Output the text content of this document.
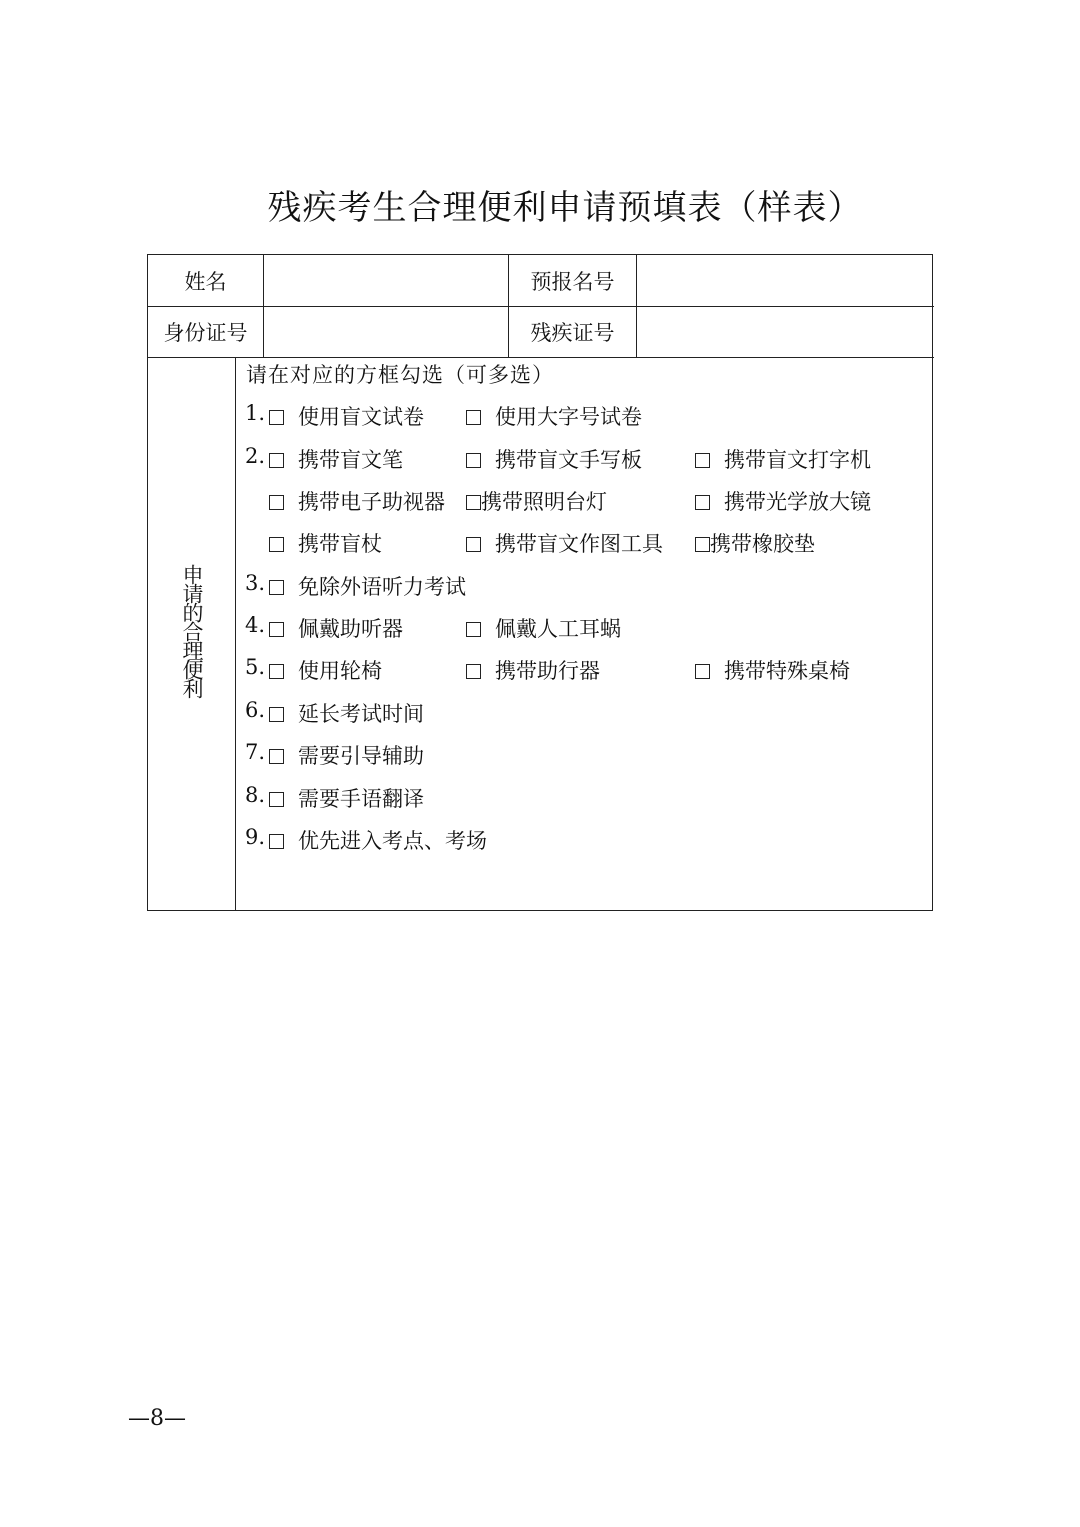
残疾考生合理便利申请预填表（样表）
姓名	预报名号
身份证号	残疾证号
申请的合理便利
请在对应的方框勾选（可多选）
1.	使用盲文试卷	使用大字号试卷
2.	携带盲文笔	携带盲文手写板	携带盲文打字机
携带电子助视器	携带照明台灯	携带光学放大镜
携带盲杖	携带盲文作图工具	携带橡胶垫
3.	免除外语听力考试
4.	佩戴助听器	佩戴人工耳蜗
5.	使用轮椅	携带助行器	携带特殊桌椅
6.	延长考试时间
7.	需要引导辅助
8.	需要手语翻译
9.	优先进入考点、考场
—8—
